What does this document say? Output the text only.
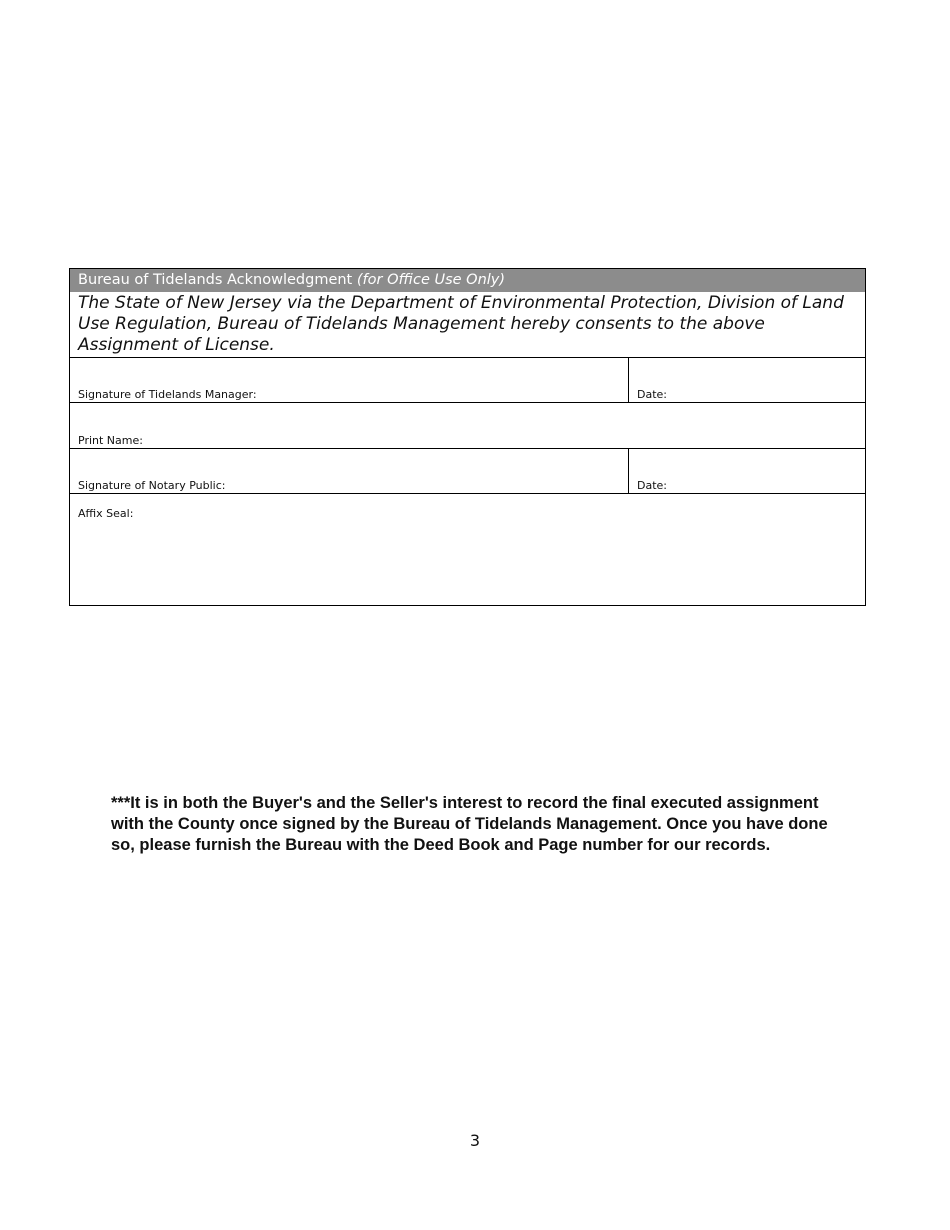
Bureau of Tidelands Acknowledgment (for Office Use Only)
The State of New Jersey via the Department of Environmental Protection, Division of Land Use Regulation, Bureau of Tidelands Management hereby consents to the above Assignment of License.
Signature of Tidelands Manager:	Date:
Print Name:
Signature of Notary Public:	Date:
Affix Seal:
***It is in both the Buyer's and the Seller's interest to record the final executed assignment with the County once signed by the Bureau of Tidelands Management. Once you have done so, please furnish the Bureau with the Deed Book and Page number for our records.
3
